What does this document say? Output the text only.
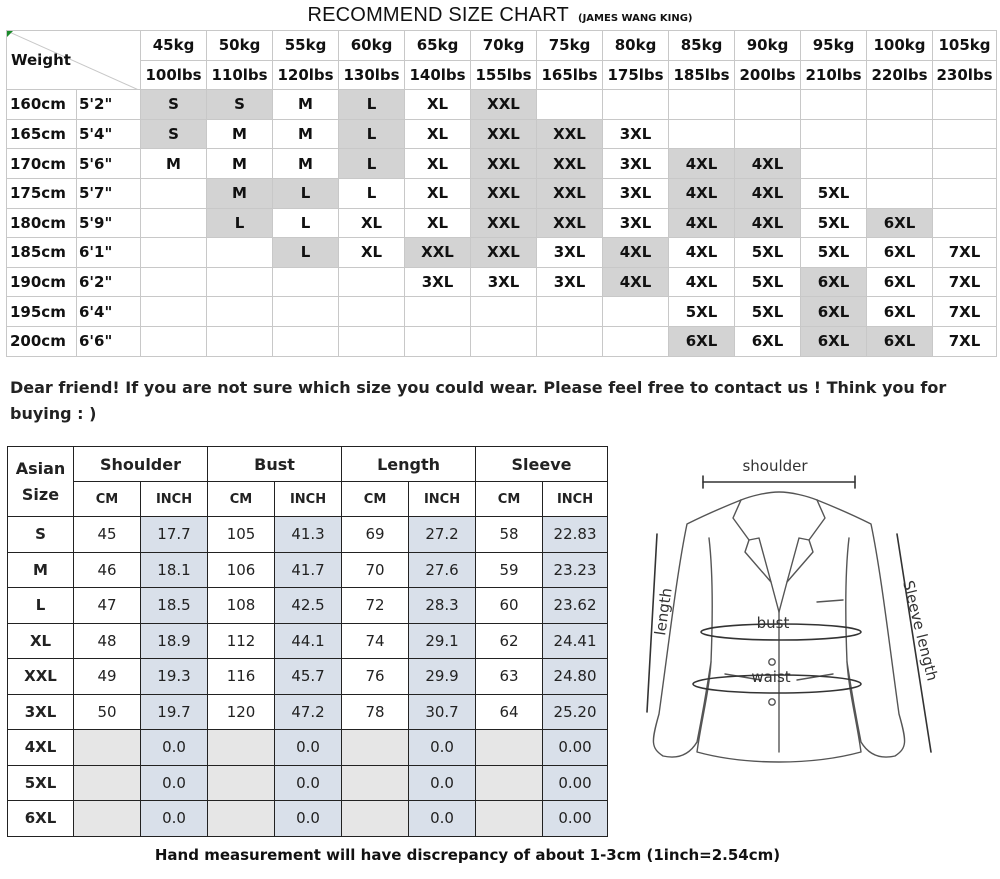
RECOMMEND SIZE CHART (JAMES WANG KING)
Weight		45kg	50kg	55kg	60kg	65kg	70kg	75kg	80kg	85kg	90kg	95kg	100kg	105kg
		100lbs	110lbs	120lbs	130lbs	140lbs	155lbs	165lbs	175lbs	185lbs	200lbs	210lbs	220lbs	230lbs
160cm	5'2"	S	S	M	L	XL	XXL							
165cm	5'4"	S	M	M	L	XL	XXL	XXL	3XL					
170cm	5'6"	M	M	M	L	XL	XXL	XXL	3XL	4XL	4XL			
175cm	5'7"		M	L	L	XL	XXL	XXL	3XL	4XL	4XL	5XL		
180cm	5'9"		L	L	XL	XL	XXL	XXL	3XL	4XL	4XL	5XL	6XL	
185cm	6'1"			L	XL	XXL	XXL	3XL	4XL	4XL	5XL	5XL	6XL	7XL
190cm	6'2"					3XL	3XL	3XL	4XL	4XL	5XL	6XL	6XL	7XL
195cm	6'4"									5XL	5XL	6XL	6XL	7XL
200cm	6'6"									6XL	6XL	6XL	6XL	7XL
Dear friend! If you are not sure which size you could wear. Please feel free to contact us ! Think you for buying : )
Asian
Size	Shoulder		Bust		Length		Sleeve	
	CM	INCH	CM	INCH	CM	INCH	CM	INCH
S	45	17.7	105	41.3	69	27.2	58	22.83
M	46	18.1	106	41.7	70	27.6	59	23.23
L	47	18.5	108	42.5	72	28.3	60	23.62
XL	48	18.9	112	44.1	74	29.1	62	24.41
XXL	49	19.3	116	45.7	76	29.9	63	24.80
3XL	50	19.7	120	47.2	78	30.7	64	25.20
4XL		0.0		0.0		0.0		0.00
5XL		0.0		0.0		0.0		0.00
6XL		0.0		0.0		0.0		0.00
shoulder
length	bust
waist	Sleeve length
Hand measurement will have discrepancy of about 1-3cm (1inch=2.54cm)
